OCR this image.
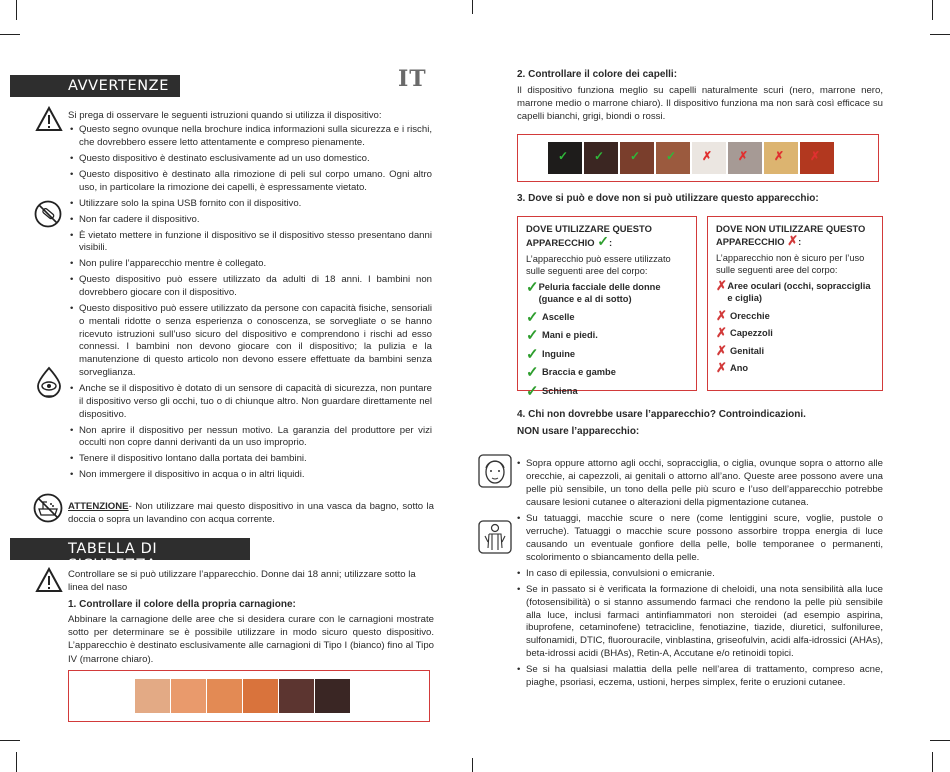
AVVERTENZE	IT
Si prega di osservare le seguenti istruzioni quando si utilizza il dispositivo:
• Questo segno ovunque nella brochure indica informazioni sulla sicurezza e i rischi, che dovrebbero essere letto attentamente e compreso pienamente.
• Questo dispositivo è destinato esclusivamente ad un uso domestico.
• Questo dispositivo è destinato alla rimozione di peli sul corpo umano. Ogni altro uso, in particolare la rimozione dei capelli, è espressamente vietato.
• Utilizzare solo la spina USB fornito con il dispositivo.
• Non far cadere il dispositivo.
• È vietato mettere in funzione il dispositivo se il dispositivo stesso presentano danni visibili.
• Non pulire l’apparecchio mentre è collegato.
• Questo dispositivo può essere utilizzato da adulti di 18 anni. I bambini non dovrebbero giocare con il dispositivo.
• Questo dispositivo può essere utilizzato da persone con capacità fisiche, sensoriali o mentali ridotte o senza esperienza o conoscenza, se sorvegliate o se hanno ricevuto istruzioni sull’uso sicuro del dispositivo e comprendono i rischi ad esso connessi. I bambini non devono giocare con il dispositivo; la pulizia e la manutenzione di questo articolo non devono essere effettuate da bambini senza sorveglianza.
• Anche se il dispositivo è dotato di un sensore di capacità di sicurezza, non puntare il dispositivo verso gli occhi, tuo o di chiunque altro. Non guardare direttamente nel dispositivo.
• Non aprire il dispositivo per nessun motivo. La garanzia del produttore per vizi occulti non copre danni derivanti da un uso improprio.
• Tenere il dispositivo lontano dalla portata dei bambini.
• Non immergere il dispositivo in acqua o in altri liquidi.
ATTENZIONE- Non utilizzare mai questo dispositivo in una vasca da bagno, sotto la doccia o sopra un lavandino con acqua corrente.
TABELLA DI SICUREZZA
Controllare se si può utilizzare l’apparecchio. Donne dai 18 anni; utilizzare sotto la linea del naso
1. Controllare il colore della propria carnagione:
Abbinare la carnagione delle aree che si desidera curare con le carnagioni mostrate sotto per determinare se è possibile utilizzare in modo sicuro questo dispositivo. L’apparecchio è destinato esclusivamente alle carnagioni di Tipo I (bianco) fino al Tipo IV (marrone chiaro).
2. Controllare il colore dei capelli:
Il dispositivo funziona meglio su capelli naturalmente scuri (nero, marrone nero, marrone medio o marrone chiaro). Il dispositivo funziona ma non sarà così efficace su capelli bianchi, grigi, biondi o rossi.
✓ ✓ ✓ ✓ ✗ ✗ ✗ ✗
3. Dove si può e dove non si può utilizzare questo apparecchio:
DOVE UTILIZZARE QUESTO APPARECCHIO ✓:
L’apparecchio può essere utilizzato sulle seguenti aree del corpo:
✓ Peluria facciale delle donne (guance e al di sotto)
✓ Ascelle
✓ Mani e piedi.
✓ Inguine
✓ Braccia e gambe
✓ Schiena
DOVE NON UTILIZZARE QUESTO APPARECCHIO ✗:
L’apparecchio non è sicuro per l’uso sulle seguenti aree del corpo:
✗ Aree oculari (occhi, sopracciglia e ciglia)
✗ Orecchie
✗ Capezzoli
✗ Genitali
✗ Ano
4. Chi non dovrebbe usare l’apparecchio? Controindicazioni.
NON usare l’apparecchio:
• Sopra oppure attorno agli occhi, sopracciglia, o ciglia, ovunque sopra o attorno alle orecchie, ai capezzoli, ai genitali o attorno all’ano. Queste aree possono avere una pelle più sensibile, un tono della pelle più scuro e l’uso dell’apparecchio potrebbe causare lesioni cutanee o alterazioni della pigmentazione cutanea.
• Su tatuaggi, macchie scure o nere (come lentiggini scure, voglie, pustole o verruche). Tatuaggi o macchie scure possono assorbire troppa energia di luce causando un eventuale gonfiore della pelle, bolle temporanee o permanenti, scolorimento o sbiancamento della pelle.
• In caso di epilessia, convulsioni o emicranie.
• Se in passato si è verificata la formazione di cheloidi, una nota sensibilità alla luce (fotosensibilità) o si stanno assumendo farmaci che rendono la pelle più sensibile alla luce, inclusi farmaci antinfiammatori non steroidei (ad esempio aspirina, ibuprofene, cetaminofene) tetracicline, fenotiazine, tiazide, diuretici, sulfoniluree, sulfonamidi, DTIC, fluorouracile, vinblastina, griseofulvin, acidi alfa-idrossici (AHAs), beta-idrossi acidi (BHAs), Retin-A, Accutane e/o retinoidi topici.
• Se si ha qualsiasi malattia della pelle nell’area di trattamento, compreso acne, piaghe, psoriasi, eczema, ustioni, herpes simplex, ferite o eruzioni cutanee.
